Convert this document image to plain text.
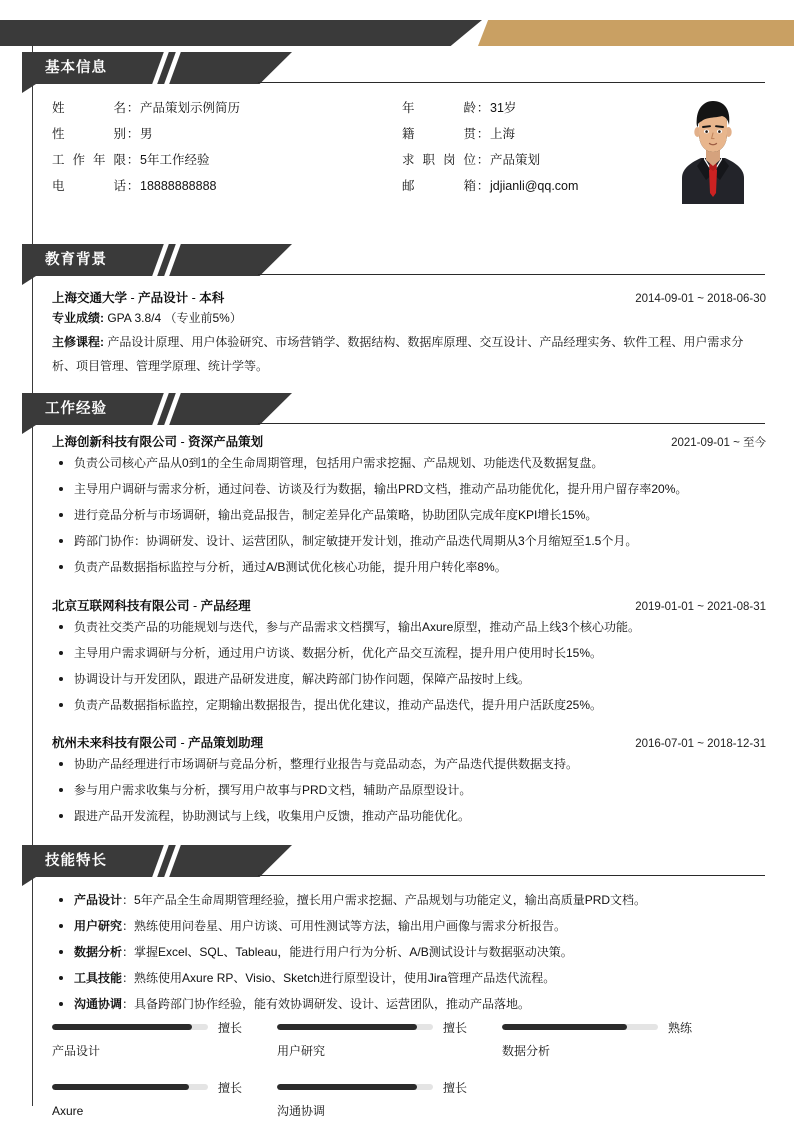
基本信息
姓名 ： 产品策划示例简历	年龄 ： 31岁
性别 ： 男	籍贯 ： 上海
工作年限 ： 5年工作经验	求职岗位 ： 产品策划
电话 ： 18888888888	邮箱 ： jdjianli@qq.com
教育背景
上海交通大学 - 产品设计 - 本科	2014-09-01 ~ 2018-06-30
专业成绩: GPA 3.8/4 （专业前5%）
主修课程: 产品设计原理、用户体验研究、市场营销学、数据结构、数据库原理、交互设计、产品经理实务、软件工程、用户需求分析、项目管理、管理学原理、统计学等。
工作经验
上海创新科技有限公司 - 资深产品策划	2021-09-01 ~ 至今
负责公司核心产品从0到1的全生命周期管理，包括用户需求挖掘、产品规划、功能迭代及数据复盘。
主导用户调研与需求分析，通过问卷、访谈及行为数据，输出PRD文档，推动产品功能优化，提升用户留存率20%。
进行竞品分析与市场调研，输出竞品报告，制定差异化产品策略，协助团队完成年度KPI增长15%。
跨部门协作：协调研发、设计、运营团队，制定敏捷开发计划，推动产品迭代周期从3个月缩短至1.5个月。
负责产品数据指标监控与分析，通过A/B测试优化核心功能，提升用户转化率8%。
北京互联网科技有限公司 - 产品经理	2019-01-01 ~ 2021-08-31
负责社交类产品的功能规划与迭代，参与产品需求文档撰写，输出Axure原型，推动产品上线3个核心功能。
主导用户需求调研与分析，通过用户访谈、数据分析，优化产品交互流程，提升用户使用时长15%。
协调设计与开发团队，跟进产品研发进度，解决跨部门协作问题，保障产品按时上线。
负责产品数据指标监控，定期输出数据报告，提出优化建议，推动产品迭代，提升用户活跃度25%。
杭州未来科技有限公司 - 产品策划助理	2016-07-01 ~ 2018-12-31
协助产品经理进行市场调研与竞品分析，整理行业报告与竞品动态，为产品迭代提供数据支持。
参与用户需求收集与分析，撰写用户故事与PRD文档，辅助产品原型设计。
跟进产品开发流程，协助测试与上线，收集用户反馈，推动产品功能优化。
技能特长
产品设计：5年产品全生命周期管理经验，擅长用户需求挖掘、产品规划与功能定义，输出高质量PRD文档。
用户研究：熟练使用问卷星、用户访谈、可用性测试等方法，输出用户画像与需求分析报告。
数据分析：掌握Excel、SQL、Tableau，能进行用户行为分析、A/B测试设计与数据驱动决策。
工具技能：熟练使用Axure RP、Visio、Sketch进行原型设计，使用Jira管理产品迭代流程。
沟通协调：具备跨部门协作经验，能有效协调研发、设计、运营团队，推动产品落地。
擅长
产品设计
擅长
用户研究
熟练
数据分析
擅长
Axure
擅长
沟通协调
